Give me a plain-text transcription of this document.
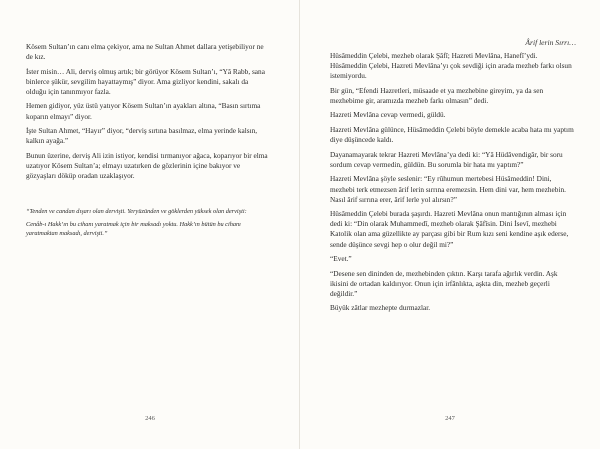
Kösem Sultan’ın canı elma çekiyor, ama ne Sultan Ahmet dallara yetişebiliyor ne de kız.

İster misin… Ali, derviş olmuş artık; bir görüyor Kösem Sultan’ı, “Yâ Rabb, sana binlerce şükür, sevgilim hayattaymış” diyor. Ama gizliyor kendini, sakalı da olduğu için tanınmıyor fazla.

Hemen gidiyor, yüz üstü yatıyor Kösem Sultan’ın ayakları altına, “Basın sırtıma koparın elmayı” diyor.

İşte Sultan Ahmet, “Hayır” diyor, “derviş sırtına basılmaz, elma yerinde kalsın, kalkın ayağa.”

Bunun üzerine, derviş Ali izin istiyor, kendisi tırmanıyor ağaca, koparıyor bir elma uzatıyor Kösem Sultan’a; elmayı uzatırken de gözlerinin içine bakıyor ve gözyaşları döküp oradan uzaklaşıyor.

“Tenden ve candan dışarı olan dervişti. Yeryüzünden ve göklerden yüksek olan dervişti:

Cenâb-ı Hakk’ın bu cihanı yaratmak için bir maksadı yoktu. Hakk’ın bütün bu cihanı yaratmaktan maksadı, dervişti.”

246
Ârif lerin Sırrı…

Hüsâmeddin Çelebi, mezheb olarak Şâfî; Hazreti Mevlâna, Hanefî’ydi. Hüsâmeddin Çelebi, Hazreti Mevlâna’yı çok sevdiği için arada mezheb farkı olsun istemiyordu.

Bir gün, “Efendi Hazretleri, müsaade et ya mezhebine gireyim, ya da sen mezhebime gir, aramızda mezheb farkı olmasın” dedi.

Hazreti Mevlâna cevap vermedi, güldü.

Hazreti Mevlâna gülünce, Hüsâmeddin Çelebi böyle demekle acaba hata mı yaptım diye düşüncede kaldı.

Dayanamayarak tekrar Hazreti Mevlâna’ya dedi ki: “Yâ Hüdâvendigâr, bir soru sordum cevap vermedin, güldün. Bu sorumla bir hata mı yaptım?”

Hazreti Mevlâna şöyle seslenir: “Ey rûhumun mertebesi Hüsâmeddin! Dini, mezhebi terk etmezsen ârif lerin sırrına eremezsin. Hem dini var, hem mezhebin. Nasıl ârif sırrına erer, ârif lerle yol alırsın?”

Hüsâmeddin Çelebi burada şaşırdı. Hazreti Mevlâna onun mantığının alması için dedi ki: “Din olarak Muhammedî, mezheb olarak Şâfîsin. Dini İsevî, mezhebi Katolik olan ama güzellikte ay parçası gibi bir Rum kızı seni kendine aşık ederse, sende düşünce sevgi hep o olur değil mi?”

“Evet.”

“Desene sen dininden de, mezhebinden çıktın. Karşı tarafa ağırlık verdin. Aşk ikisini de ortadan kaldırıyor. Onun için irfânlıkta, aşkta din, mezheb geçerli değildir.”

Büyük zâtlar mezhepte durmazlar.

247
